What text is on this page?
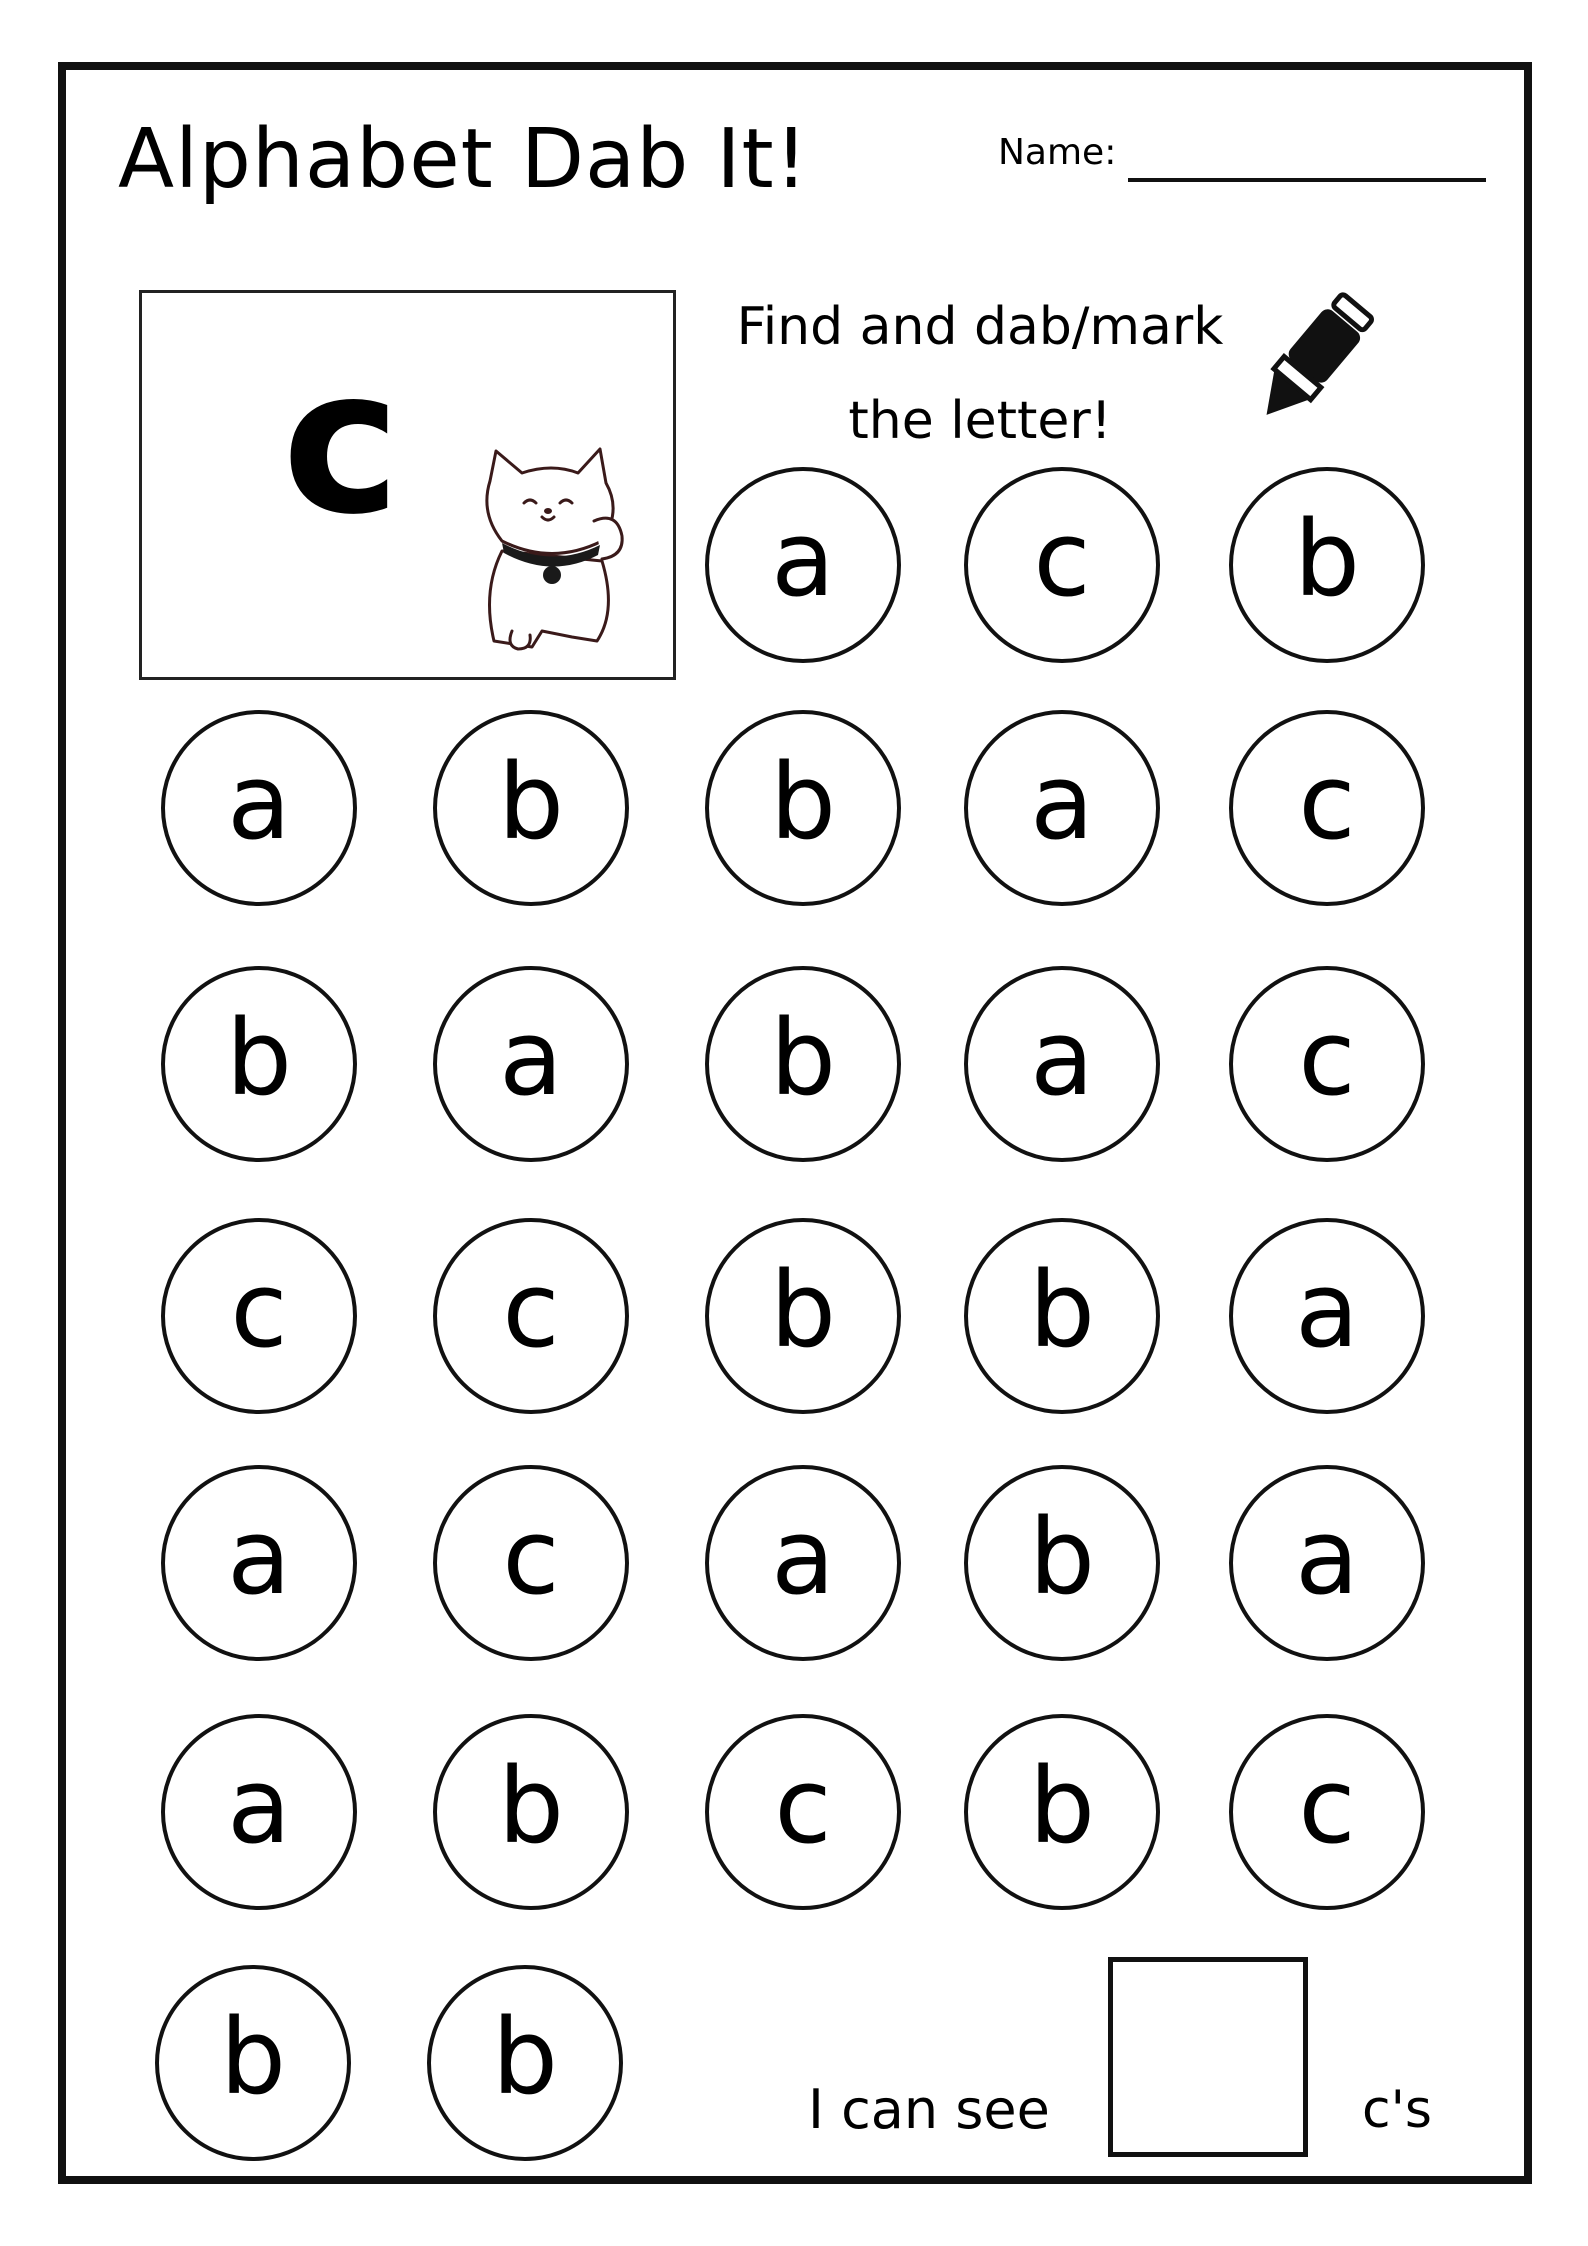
Alphabet Dab It!	Name:
c	Find and dab/mark
the letter!
a	c	b
a	b	b	a	c
b	a	b	a	c
c	c	b	b	a
a	c	a	b	a
a	b	c	b	c
b	b	I can see	c's
